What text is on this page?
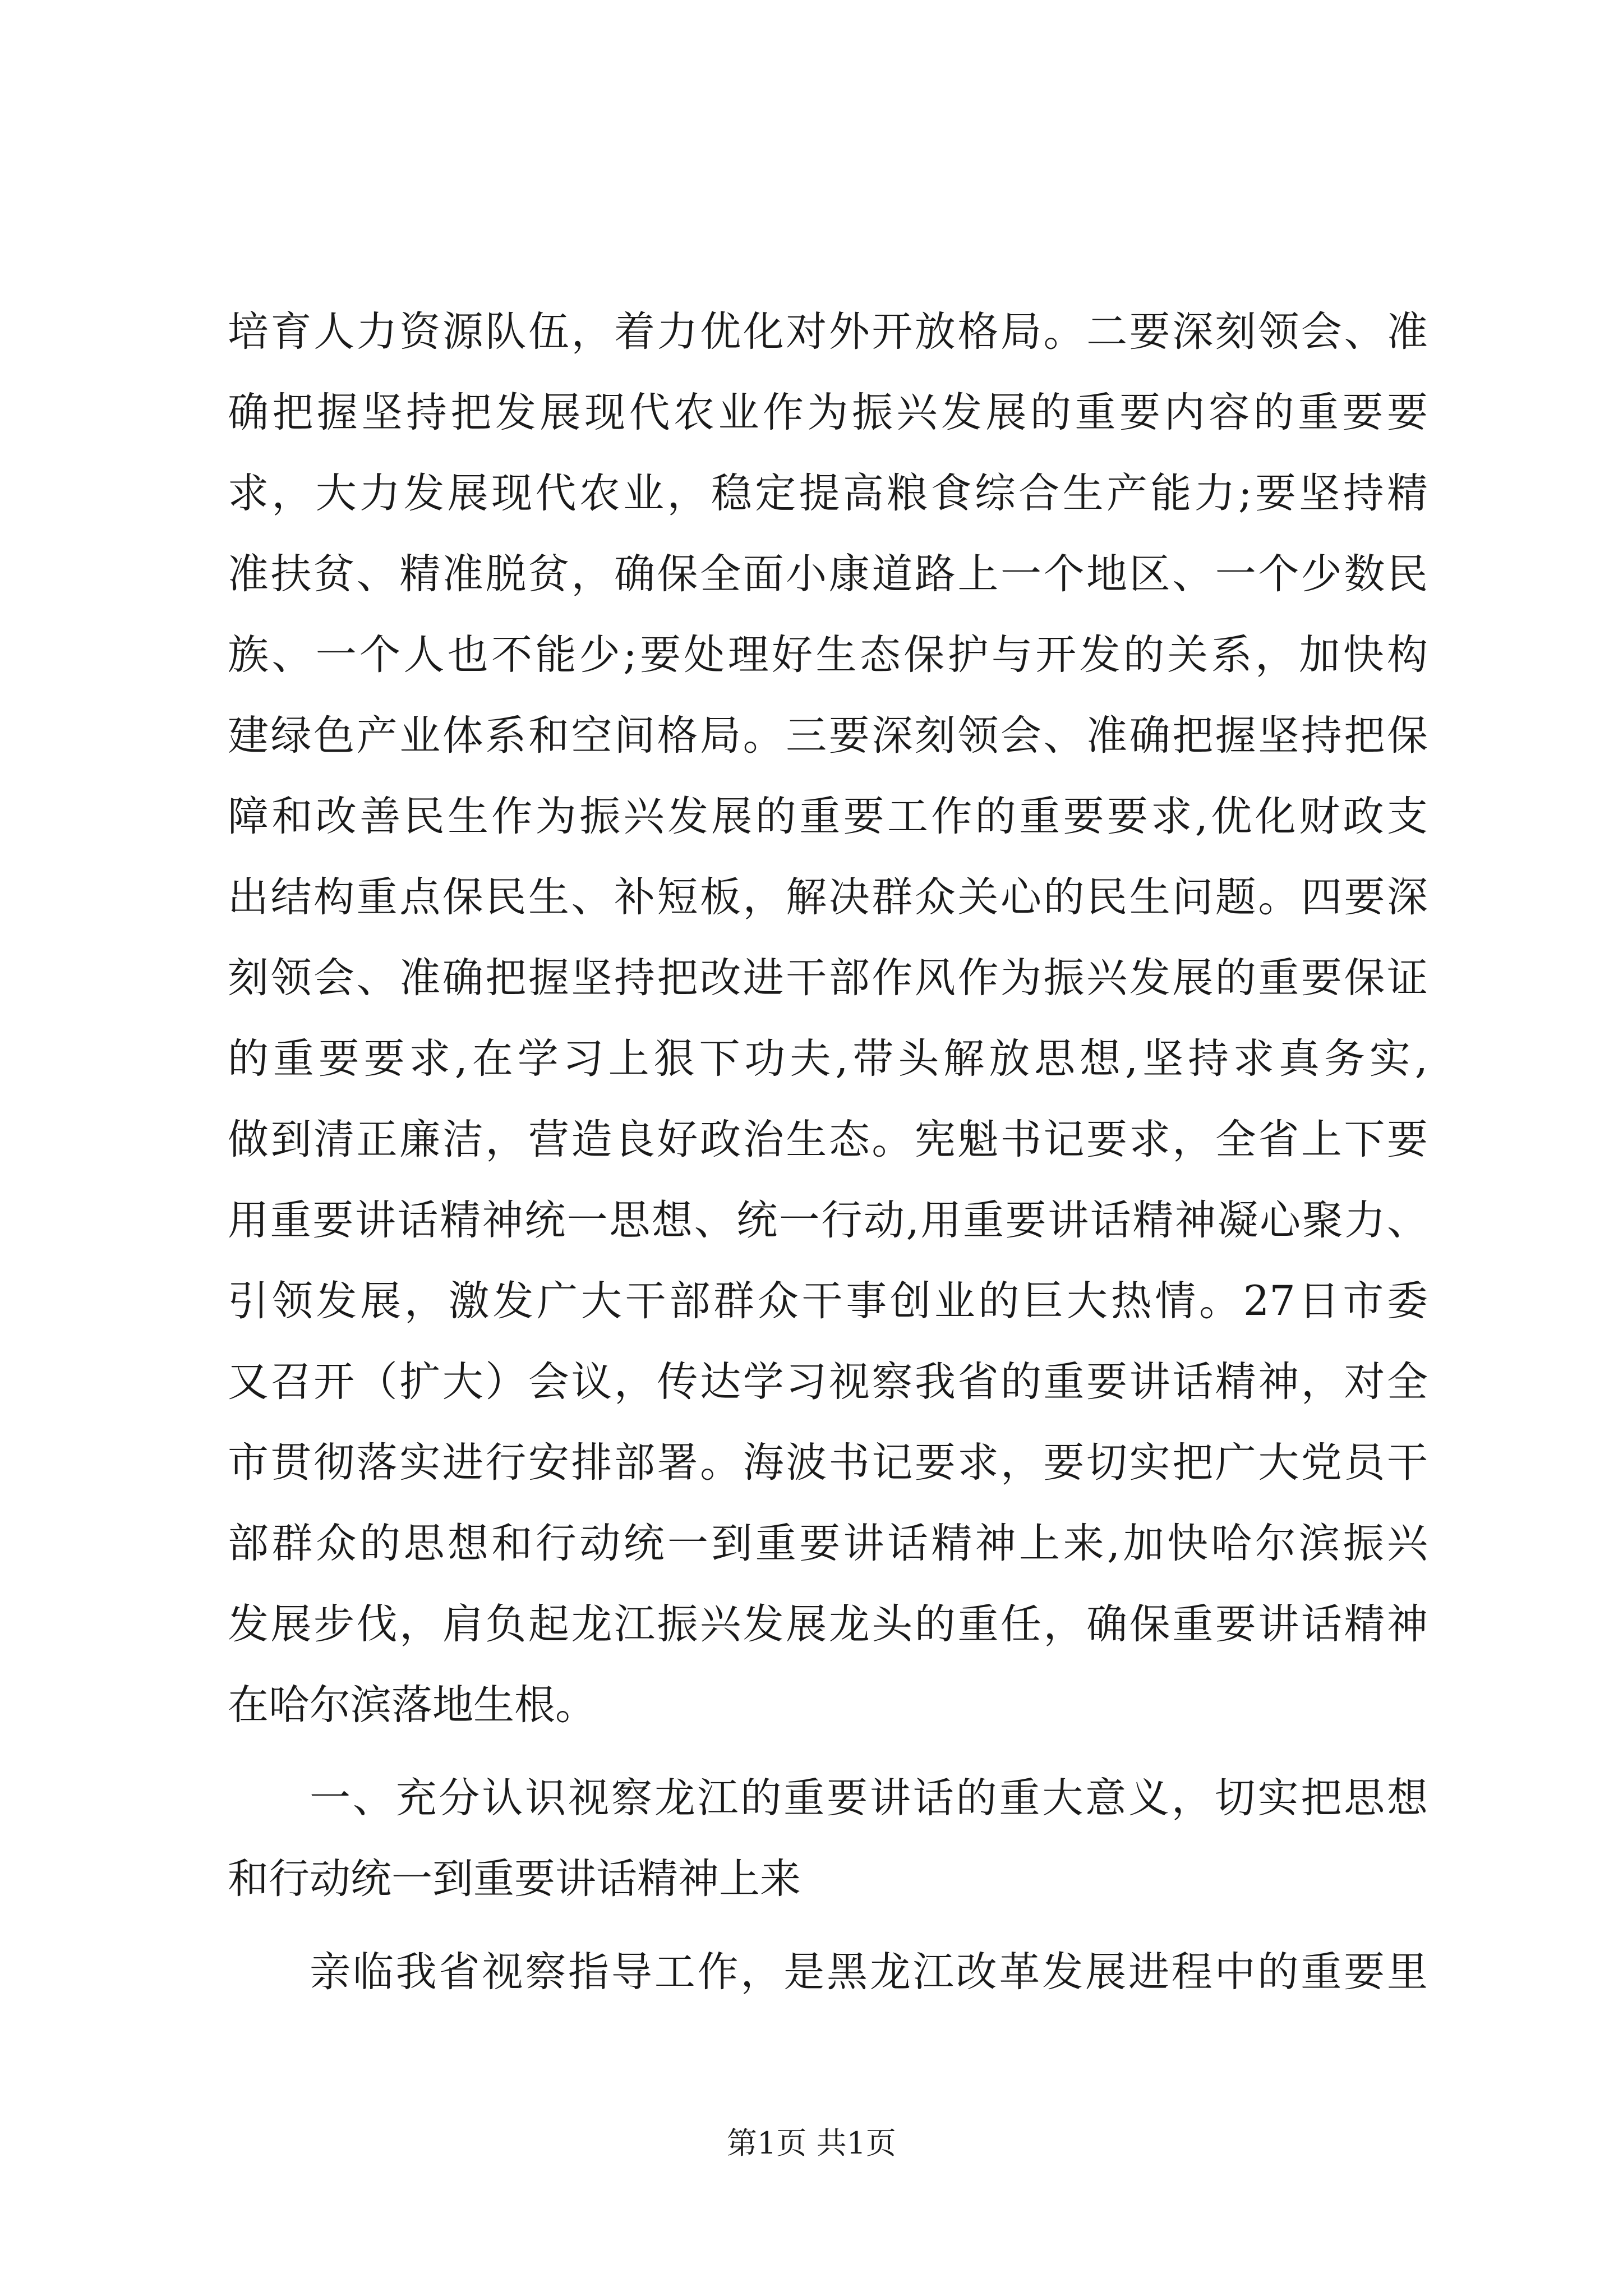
培育人力资源队伍，着力优化对外开放格局。二要深刻领会、准
确把握坚持把发展现代农业作为振兴发展的重要内容的重要要
求，大力发展现代农业，稳定提高粮食综合生产能力;要坚持精
准扶贫、精准脱贫，确保全面小康道路上一个地区、一个少数民
族、一个人也不能少;要处理好生态保护与开发的关系，加快构
建绿色产业体系和空间格局。三要深刻领会、准确把握坚持把保
障和改善民生作为振兴发展的重要工作的重要要求,优化财政支
出结构重点保民生、补短板，解决群众关心的民生问题。四要深
刻领会、准确把握坚持把改进干部作风作为振兴发展的重要保证
的重要要求,在学习上狠下功夫,带头解放思想,坚持求真务实,
做到清正廉洁，营造良好政治生态。宪魁书记要求，全省上下要
用重要讲话精神统一思想、统一行动,用重要讲话精神凝心聚力、
引领发展，激发广大干部群众干事创业的巨大热情。27日市委
又召开（扩大）会议，传达学习视察我省的重要讲话精神，对全
市贯彻落实进行安排部署。海波书记要求，要切实把广大党员干
部群众的思想和行动统一到重要讲话精神上来,加快哈尔滨振兴
发展步伐，肩负起龙江振兴发展龙头的重任，确保重要讲话精神
在哈尔滨落地生根。
一、充分认识视察龙江的重要讲话的重大意义，切实把思想
和行动统一到重要讲话精神上来
亲临我省视察指导工作，是黑龙江改革发展进程中的重要里
第1页 共1页
